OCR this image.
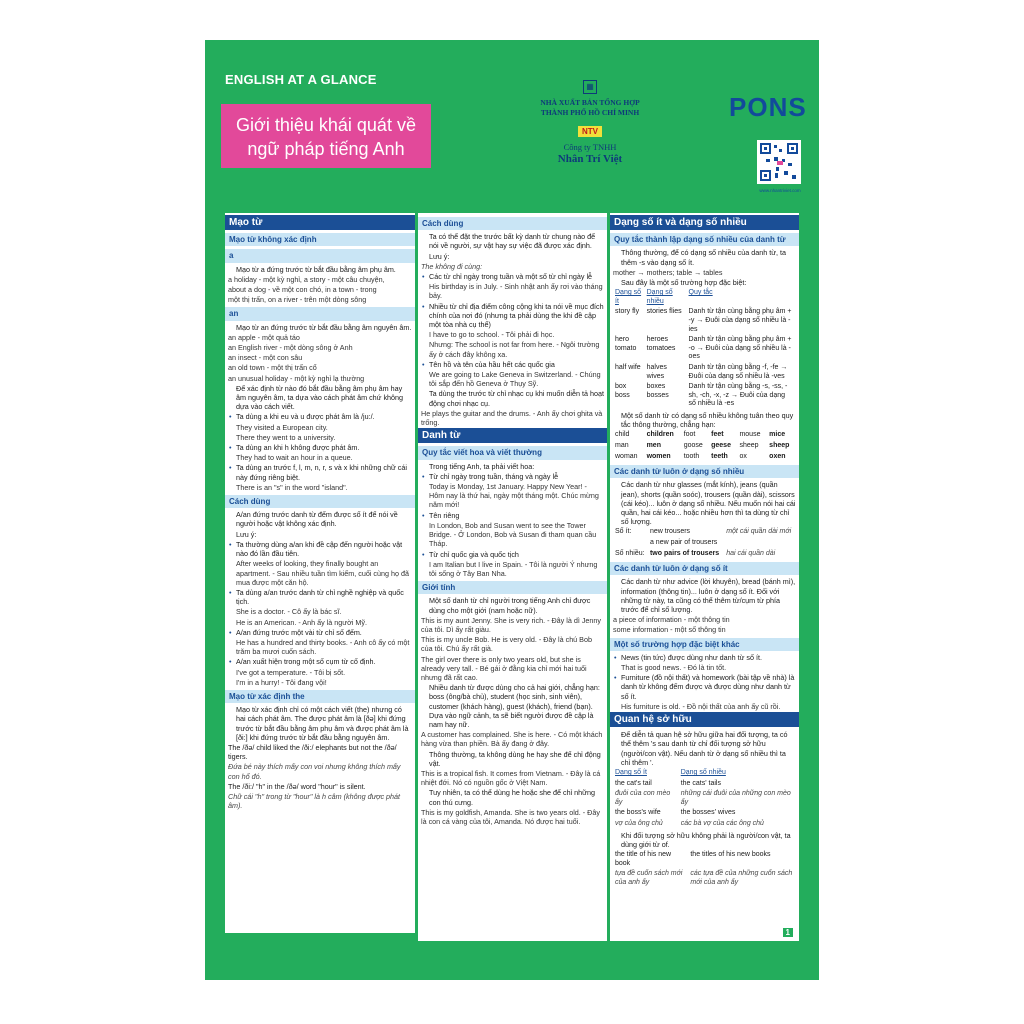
ENGLISH AT A GLANCE
Giới thiệu khái quát về
ngữ pháp tiếng Anh
▦
NHÀ XUẤT BẢN TỔNG HỢP
THÀNH PHỐ HỒ CHÍ MINH
NTV
Công ty TNHH
Nhân Trí Việt
PONS
www.nhantriviet.com
Mạo từ
Mạo từ không xác định
a
Mạo từ a đứng trước từ bắt đầu bằng âm phụ âm.
a holiday - một kỳ nghỉ, a story - một câu chuyện,
about a dog - về một con chó, in a town - trong
một thị trấn, on a river - trên một dòng sông
an
Mạo từ an đứng trước từ bắt đầu bằng âm nguyên âm.
an apple - một quả táo
an English river - một dòng sông ở Anh
an insect - một con sâu
an old town - một thị trấn cổ
an unusual holiday - một kỳ nghỉ lạ thường
Để xác định từ nào đó bắt đầu bằng âm phụ âm hay âm nguyên âm, ta dựa vào cách phát âm chứ không dựa vào cách viết.
• Ta dùng a khi eu và u được phát âm là /ju:/.
They visited a European city.
There they went to a university.
• Ta dùng an khi h không được phát âm.
They had to wait an hour in a queue.
• Ta dùng an trước f, l, m, n, r, s và x khi những chữ cái này đứng riêng biệt.
There is an "s" in the word "island".
Cách dùng
A/an đứng trước danh từ đếm được số ít để nói về người hoặc vật không xác định.
Lưu ý:
• Ta thường dùng a/an khi đề cập đến người hoặc vật nào đó lần đầu tiên.
After weeks of looking, they finally bought an apartment. - Sau nhiều tuần tìm kiếm, cuối cùng họ đã mua được một căn hộ.
• Ta dùng a/an trước danh từ chỉ nghề nghiệp và quốc tịch.
She is a doctor. - Cô ấy là bác sĩ.
He is an American. - Anh ấy là người Mỹ.
• A/an đứng trước một vài từ chỉ số đếm.
He has a hundred and thirty books. - Anh cô ấy có một trăm ba mươi cuốn sách.
• A/an xuất hiện trong một số cụm từ cố định.
I've got a temperature. - Tôi bị sốt.
I'm in a hurry! - Tôi đang vội!
Mạo từ xác định the
Mạo từ xác định chỉ có một cách viết (the) nhưng có hai cách phát âm. The được phát âm là [ðə] khi đứng trước từ bắt đầu bằng âm phụ âm và được phát âm là [ði:] khi đứng trước từ bắt đầu bằng nguyên âm.
The /ðə/ child liked the /ði:/ elephants but not the /ðə/ tigers.
Đứa bé này thích mấy con voi nhưng không thích mấy con hổ đó.
The /ði:/ "h" in the /ðə/ word "hour" is silent.
Chữ cái "h" trong từ "hour" là h câm (không được phát âm).
Cách dùng
Ta có thể đặt the trước bất kỳ danh từ chung nào để nói về người, sự vật hay sự việc đã được xác định.
Lưu ý:
The không đi cùng:
• Các từ chỉ ngày trong tuần và một số từ chỉ ngày lễ
His birthday is in July. - Sinh nhật anh ấy rơi vào tháng bảy.
• Nhiều từ chỉ địa điểm công cộng khi ta nói về mục đích chính của nơi đó (nhưng ta phải dùng the khi đề cập một tòa nhà cụ thể)
I have to go to school. - Tôi phải đi học.
Nhưng: The school is not far from here. - Ngôi trường ấy ở cách đây không xa.
• Tên hồ và tên của hầu hết các quốc gia
We are going to Lake Geneva in Switzerland. - Chúng tôi sắp đến hồ Geneva ở Thụy Sỹ.
Ta dùng the trước từ chỉ nhạc cụ khi muốn diễn tả hoạt động chơi nhạc cụ.
He plays the guitar and the drums. - Anh ấy chơi ghita và trống.
Danh từ
Quy tắc viết hoa và viết thường
Trong tiếng Anh, ta phải viết hoa:
• Từ chỉ ngày trong tuần, tháng và ngày lễ
Today is Monday, 1st January. Happy New Year! - Hôm nay là thứ hai, ngày một tháng một. Chúc mừng năm mới!
• Tên riêng
In London, Bob and Susan went to see the Tower Bridge. - Ở London, Bob và Susan đi tham quan cầu Tháp.
• Từ chỉ quốc gia và quốc tịch
I am Italian but I live in Spain. - Tôi là người Ý nhưng tôi sống ở Tây Ban Nha.
Giới tính
Một số danh từ chỉ người trong tiếng Anh chỉ được dùng cho một giới (nam hoặc nữ).
This is my aunt Jenny. She is very rich. - Đây là dì Jenny của tôi. Dì ấy rất giàu.
This is my uncle Bob. He is very old. - Đây là chú Bob của tôi. Chú ấy rất già.
The girl over there is only two years old, but she is already very tall. - Bé gái ở đằng kia chỉ mới hai tuổi nhưng đã rất cao.
Nhiều danh từ được dùng cho cả hai giới, chẳng hạn: boss (ông/bà chủ), student (học sinh, sinh viên), customer (khách hàng), guest (khách), friend (bạn). Dựa vào ngữ cảnh, ta sẽ biết người được đề cập là nam hay nữ.
A customer has complained. She is here. - Có một khách hàng vừa than phiền. Bà ấy đang ở đây.
Thông thường, ta không dùng he hay she để chỉ động vật.
This is a tropical fish. It comes from Vietnam. - Đây là cá nhiệt đới. Nó có nguồn gốc ở Việt Nam.
Tuy nhiên, ta có thể dùng he hoặc she để chỉ những con thú cưng.
This is my goldfish, Amanda. She is two years old. - Đây là con cá vàng của tôi, Amanda. Nó được hai tuổi.
Dạng số ít và dạng số nhiều
Quy tắc thành lập dạng số nhiều của danh từ
Thông thường, để có dạng số nhiều của danh từ, ta thêm -s vào dạng số ít.
mother → mothers; table → tables
Sau đây là một số trường hợp đặc biệt:
Dạng số ít	Dạng số nhiều	Quy tắc
story fly	stories flies	Danh từ tận cùng bằng phụ âm + -y → Đuôi của dạng số nhiều là -ies
hero tomato	heroes tomatoes	Danh từ tận cùng bằng phụ âm + -o → Đuôi của dạng số nhiều là -oes
half wife	halves wives	Danh từ tận cùng bằng -f, -fe → Đuôi của dạng số nhiều là -ves
box boss	boxes bosses	Danh từ tận cùng bằng -s, -ss, -sh, -ch, -x, -z → Đuôi của dạng số nhiều là -es
Một số danh từ có dạng số nhiều không tuân theo quy tắc thông thường, chẳng hạn:
child	children	foot	feet	mouse	mice
man	men	goose	geese	sheep	sheep
woman	women	tooth	teeth	ox	oxen
Các danh từ luôn ở dạng số nhiều
Các danh từ như glasses (mắt kính), jeans (quần jean), shorts (quần soóc), trousers (quần dài), scissors (cái kéo)... luôn ở dạng số nhiều. Nếu muốn nói hai cái quần, hai cái kéo... hoặc nhiều hơn thì ta dùng từ chỉ số lượng.
Số ít:	new trousers	một cái quần dài mới
	a new pair of trousers	
Số nhiều:	two pairs of trousers	hai cái quần dài
Các danh từ luôn ở dạng số ít
Các danh từ như advice (lời khuyên), bread (bánh mì), information (thông tin)... luôn ở dạng số ít. Đối với những từ này, ta cũng có thể thêm từ/cụm từ phía trước để chỉ số lượng.
a piece of information - một thông tin
some information - một số thông tin
Một số trường hợp đặc biệt khác
• News (tin tức) được dùng như danh từ số ít.
That is good news. - Đó là tin tốt.
• Furniture (đồ nội thất) và homework (bài tập về nhà) là danh từ không đếm được và được dùng như danh từ số ít.
His furniture is old. - Đồ nội thất của anh ấy cũ rồi.
Quan hệ sở hữu
Để diễn tả quan hệ sở hữu giữa hai đối tượng, ta có thể thêm 's sau danh từ chỉ đối tượng sở hữu (người/con vật). Nếu danh từ ở dạng số nhiều thì ta chỉ thêm '.
Dạng số ít	Dạng số nhiều
the cat's tail	the cats' tails
đuôi của con mèo ấy	những cái đuôi của những con mèo ấy
the boss's wife	the bosses' wives
vợ của ông chủ	các bà vợ của các ông chủ
Khi đối tượng sở hữu không phải là người/con vật, ta dùng giới từ of.
the title of his new book	the titles of his new books
tựa đề cuốn sách mới của anh ấy	các tựa đề của những cuốn sách mới của anh ấy
1
